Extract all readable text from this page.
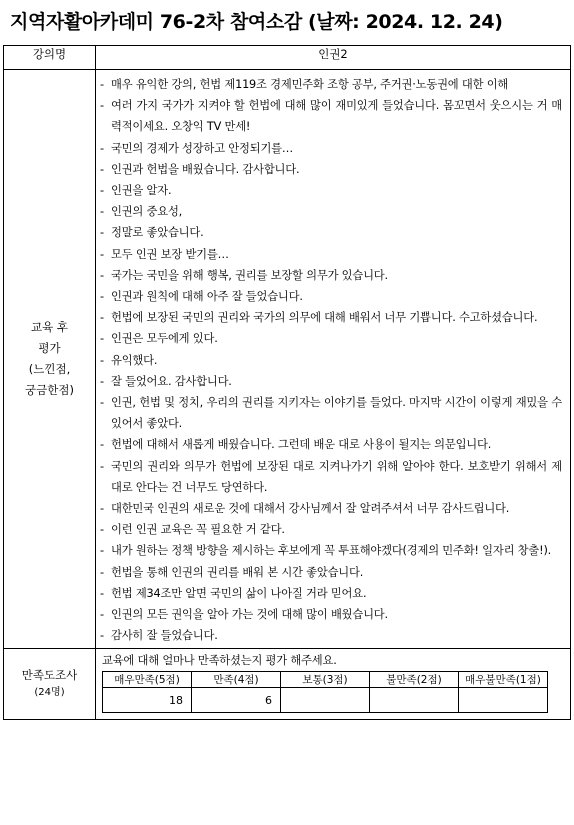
지역자활아카데미 76-2차 참여소감 (날짜: 2024. 12. 24)
강의명	인권2

교육 후
평가
(느낀점,
궁금한점)

- 매우 유익한 강의, 헌법 제119조 경제민주화 조항 공부, 주거권·노동권에 대한 이해
- 여러 가지 국가가 지켜야 할 헌법에 대해 많이 재미있게 들었습니다. 몸꼬면서 웃으시는 거 매력적이세요. 오창익 TV 만세!
- 국민의 경제가 성장하고 안정되기를…
- 인권과 헌법을 배웠습니다. 감사합니다.
- 인권을 알자.
- 인권의 중요성,
- 정말로 좋았습니다.
- 모두 인권 보장 받기를…
- 국가는 국민을 위해 행복, 권리를 보장할 의무가 있습니다.
- 인권과 원칙에 대해 아주 잘 들었습니다.
- 헌법에 보장된 국민의 권리와 국가의 의무에 대해 배워서 너무 기쁩니다. 수고하셨습니다.
- 인권은 모두에게 있다.
- 유익했다.
- 잘 들었어요. 감사합니다.
- 인권, 헌법 및 정치, 우리의 권리를 지키자는 이야기를 들었다. 마지막 시간이 이렇게 재밌을 수 있어서 좋았다.
- 헌법에 대해서 새롭게 배웠습니다. 그런데 배운 대로 사용이 될지는 의문입니다.
- 국민의 권리와 의무가 헌법에 보장된 대로 지켜나가기 위해 알아야 한다. 보호받기 위해서 제대로 안다는 건 너무도 당연하다.
- 대한민국 인권의 새로운 것에 대해서 강사님께서 잘 알려주셔서 너무 감사드립니다.
- 이런 인권 교육은 꼭 필요한 거 같다.
- 내가 원하는 정책 방향을 제시하는 후보에게 꼭 투표해야겠다(경제의 민주화! 일자리 창출!).
- 헌법을 통해 인권의 권리를 배워 본 시간 좋았습니다.
- 헌법 제34조만 알면 국민의 삶이 나아질 거라 믿어요.
- 인권의 모든 권익을 알아 가는 것에 대해 많이 배웠습니다.
- 감사히 잘 들었습니다.

만족도조사
(24명)

교육에 대해 얼마나 만족하셨는지 평가 해주세요.
매우만족(5점)	만족(4점)	보통(3점)	불만족(2점)	매우불만족(1점)
18	6			
